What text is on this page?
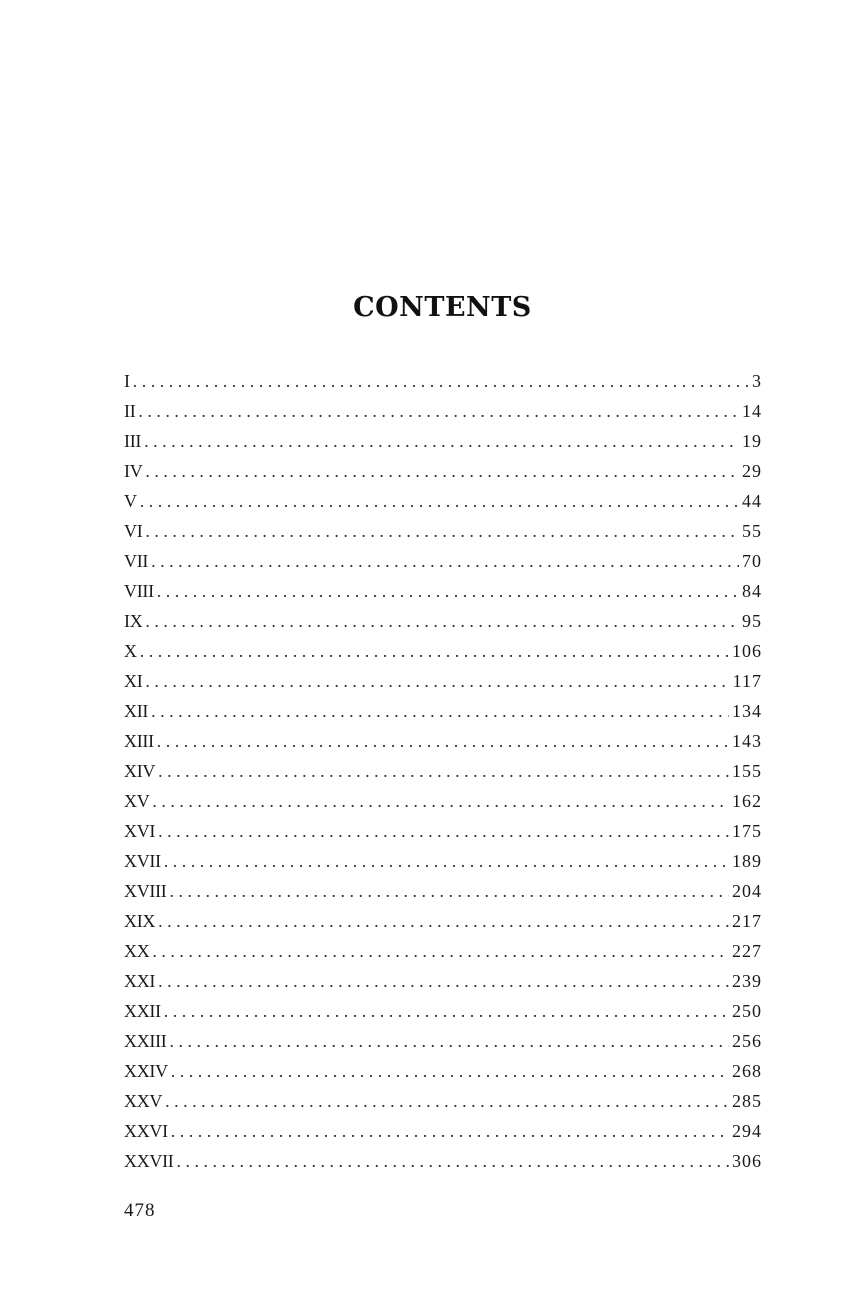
CONTENTS
I . . .	3
II . . .	14
III . . .	19
IV . . .	29
V . . .	44
VI . . .	55
VII . . .	70
VIII . . .	84
IX . . .	95
X . . .	106
XI . . .	117
XII . . .	134
XIII . . .	143
XIV . . .	155
XV . . .	162
XVI . . .	175
XVII . . .	189
XVIII . . .	204
XIX . . .	217
XX . . .	227
XXI . . .	239
XXII . . .	250
XXIII . . .	256
XXIV . . .	268
XXV . . .	285
XXVI . . .	294
XXVII . . .	306
478
